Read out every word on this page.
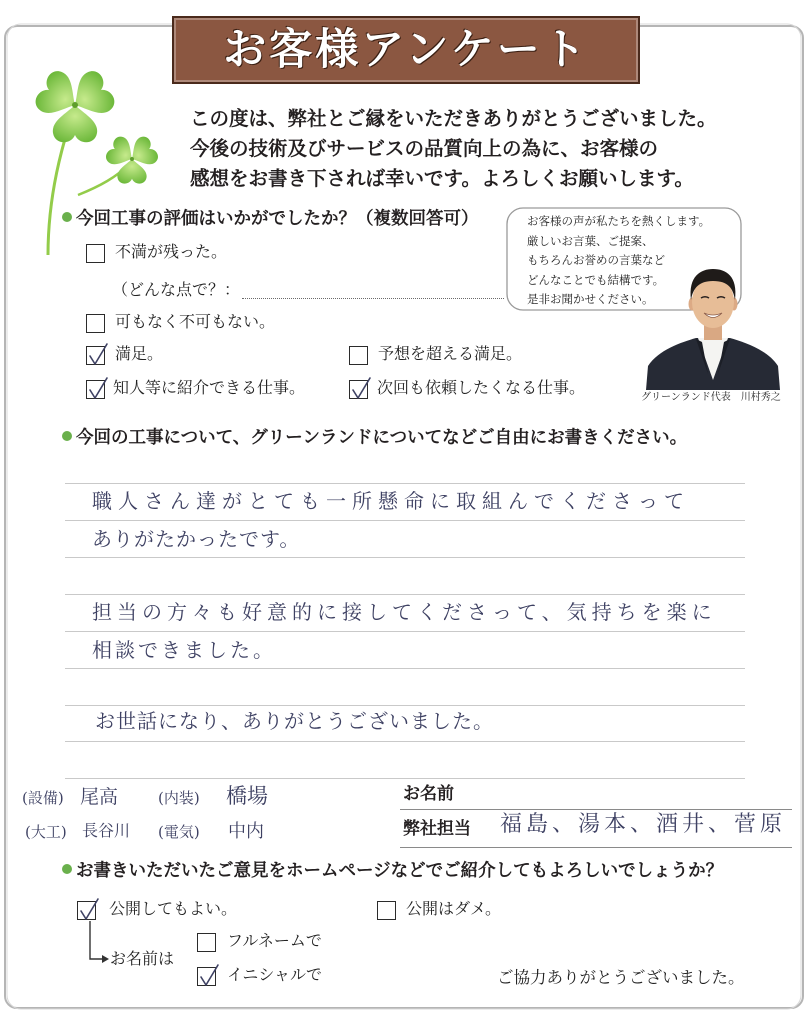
お客様アンケート
この度は、弊社とご縁をいただきありがとうございました。
今後の技術及びサービスの品質向上の為に、お客様の
感想をお書き下されば幸いです。よろしくお願いします。
今回工事の評価はいかがでしたか？（複数回答可）
不満が残った。
（どんな点で？：
可もなく不可もない。
満足。	予想を超える満足。
知人等に紹介できる仕事。	次回も依頼したくなる仕事。
お客様の声が私たちを熱くします。
厳しいお言葉、ご提案、
もちろんお誉めの言葉など
どんなことでも結構です。
是非お聞かせください。
グリーンランド代表　川村秀之
今回の工事について、グリーンランドについてなどご自由にお書きください。
職人さん達がとても一所懸命に取組んでくださって
ありがたかったです。
担当の方々も好意的に接してくださって、気持ちを楽に
相談できました。
お世話になり、ありがとうございました。
(設備) 尾高	(内装) 橋場
(大工) 長谷川 (電気) 中内
お名前
弊社担当 福島、湯本、酒井、菅原
お書きいただいたご意見をホームページなどでご紹介してもよろしいでしょうか？
公開してもよい。	公開はダメ。
お名前は
フルネームで
イニシャルで	ご協力ありがとうございました。
